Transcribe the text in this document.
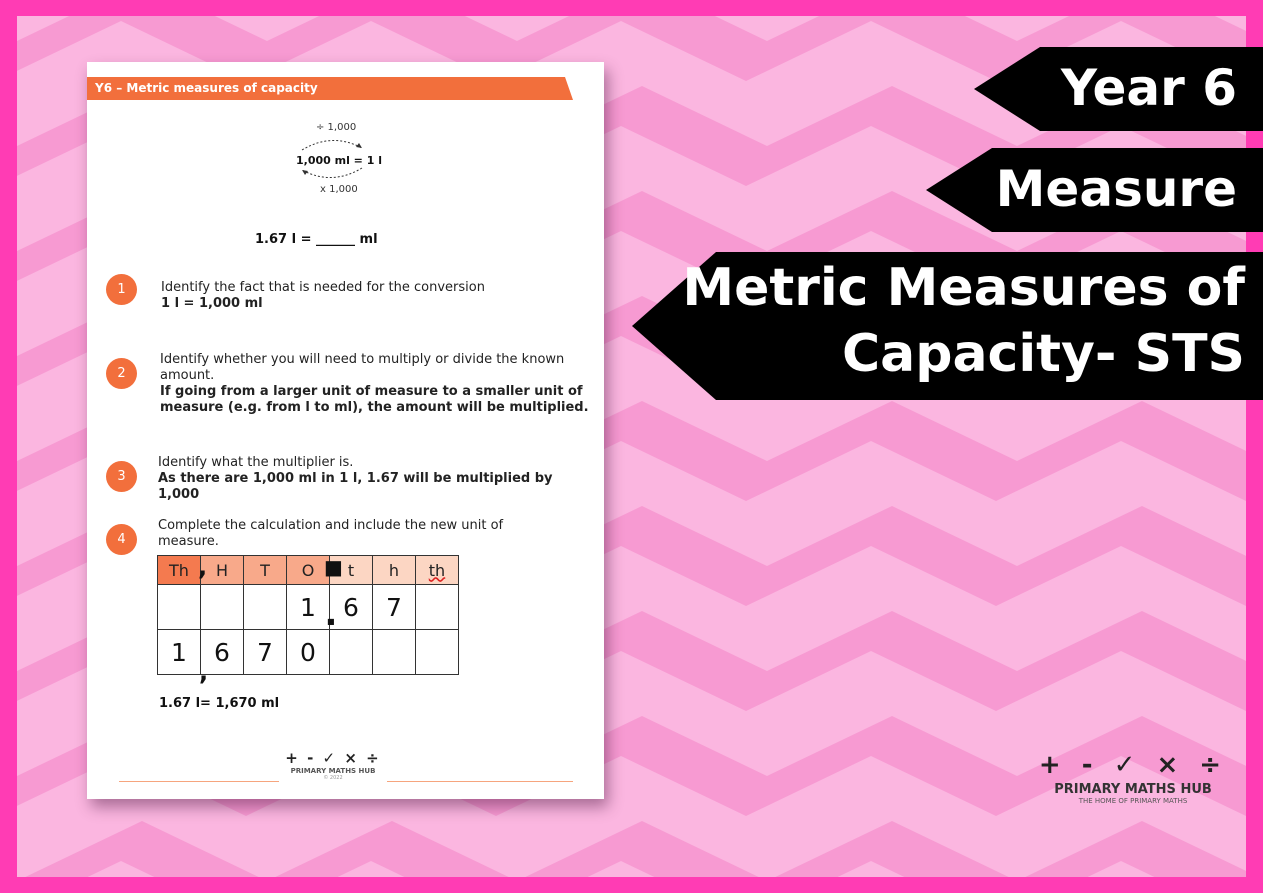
Y6 – Metric measures of capacity
÷ 1,000
1,000 ml = 1 l
x 1,000
1.67 l = ______ ml
1	Identify the fact that is needed for the conversion
1 l = 1,000 ml
2
Identify whether you will need to multiply or divide the known amount.
If going from a larger unit of measure to a smaller unit of measure (e.g. from l to ml), the amount will be multiplied.
3
Identify what the multiplier is.
As there are 1,000 ml in 1 l, 1.67 will be multiplied by 1,000
4
Complete the calculation and include the new unit of measure.
Th	H	T	O	t	h	th
			1	6	7	
1	6	7	0			
,	■
■
,
1.67 l= 1,670 ml
+ - ✓ × ÷
PRIMARY MATHS HUB
© 2022
Year 6
Measure
Metric Measures of
Capacity- STS
+ - ✓ × ÷
PRIMARY MATHS HUB
THE HOME OF PRIMARY MATHS
